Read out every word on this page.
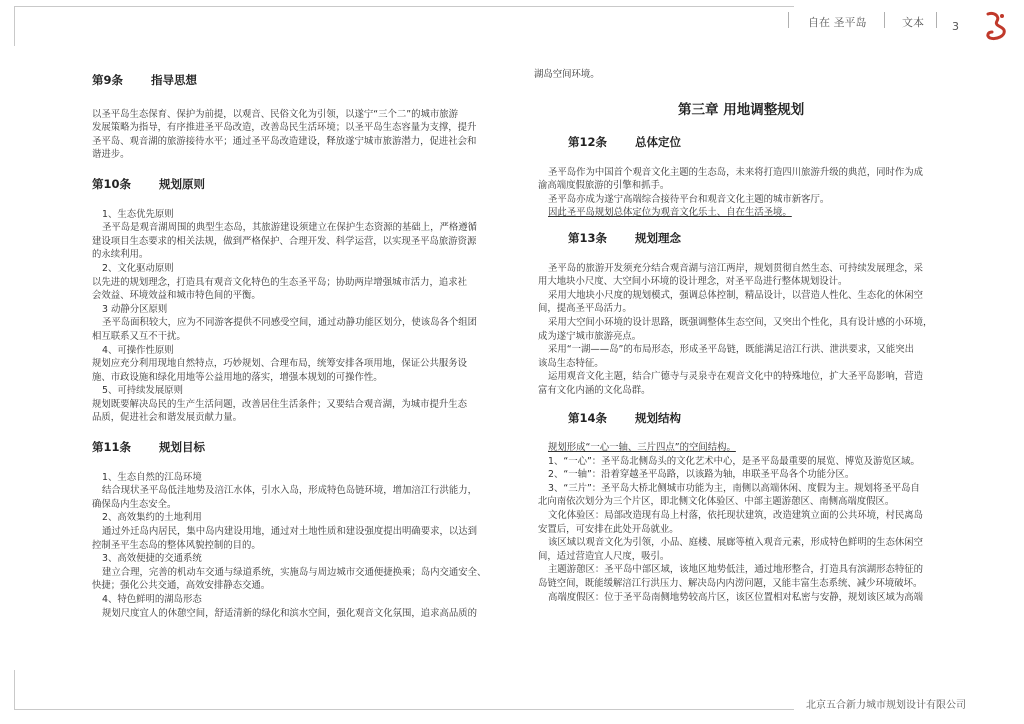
自在 圣平岛	文本	3
北京五合新力城市规划设计有限公司

第9条 指导思想

以圣平岛生态保育、保护为前提，以观音、民俗文化为引领，以遂宁“三个二”的城市旅游

发展策略为指导，有序推进圣平岛改造，改善岛民生活环境；以圣平岛生态容量为支撑，提升

圣平岛、观音湖的旅游接待水平；通过圣平岛改造建设，释放遂宁城市旅游潜力，促进社会和

谐进步。

第10条 规划原则

1、生态优先原则

圣平岛是观音湖周围的典型生态岛，其旅游建设须建立在保护生态资源的基础上，严格遵循

建设项目生态要求的相关法规，做到严格保护、合理开发、科学运营，以实现圣平岛旅游资源

的永续利用。

2、文化驱动原则

以先进的规划理念，打造具有观音文化特色的生态圣平岛；协助两岸增强城市活力，追求社

会效益、环境效益和城市特色间的平衡。

3 动静分区原则

圣平岛面积较大，应为不同游客提供不同感受空间，通过动静功能区划分，使该岛各个组团

相互联系又互不干扰。

4、可操作性原则

规划应充分利用现地自然特点，巧妙规划、合理布局，统筹安排各项用地，保证公共服务设

施、市政设施和绿化用地等公益用地的落实，增强本规划的可操作性。

5、可持续发展原则

规划既要解决岛民的生产生活问题，改善居住生活条件；又要结合观音湖，为城市提升生态

品质，促进社会和谐发展贡献力量。

第11条 规划目标

1、生态自然的江岛环境

结合现状圣平岛低洼地势及涪江水体，引水入岛，形成特色岛链环境，增加涪江行洪能力，

确保岛内生态安全。

2、高效集约的土地利用

通过外迁岛内居民，集中岛内建设用地，通过对土地性质和建设强度提出明确要求，以达到

控制圣平生态岛的整体风貌控制的目的。

3、高效便捷的交通系统

建立合理，完善的机动车交通与绿道系统，实施岛与周边城市交通便捷换乘；岛内交通安全、

快捷；强化公共交通，高效安排静态交通。

4、特色鲜明的湖岛形态

规划尺度宜人的休憩空间，舒适清新的绿化和滨水空间，强化观音文化氛围，追求高品质的

湖岛空间环境。

第三章 用地调整规划

第12条 总体定位

圣平岛作为中国首个观音文化主题的生态岛，未来将打造四川旅游升级的典范，同时作为成

渝高端度假旅游的引擎和抓手。

圣平岛亦成为遂宁高端综合接待平台和观音文化主题的城市新客厅。

因此圣平岛规划总体定位为观音文化乐土、自在生活圣境。

第13条 规划理念

圣平岛的旅游开发须充分结合观音湖与涪江两岸，规划贯彻自然生态、可持续发展理念，采

用大地块小尺度、大空间小环境的设计理念，对圣平岛进行整体规划设计。

采用大地块小尺度的规划模式，强调总体控制，精品设计，以营造人性化、生态化的休闲空

间，提高圣平岛活力。

采用大空间小环境的设计思路，既强调整体生态空间，又突出个性化，具有设计感的小环境，

成为遂宁城市旅游亮点。

采用“一湖——岛”的布局形态，形成圣平岛链，既能满足涪江行洪、泄洪要求，又能突出

该岛生态特征。

运用观音文化主题，结合广德寺与灵泉寺在观音文化中的特殊地位，扩大圣平岛影响，营造

富有文化内涵的文化岛群。

第14条 规划结构

规划形成“一心一轴、三片四点”的空间结构。

1、“一心”：圣平岛北侧岛头的文化艺术中心，是圣平岛最重要的展览、博览及游览区域。

2、“一轴”：沿着穿越圣平岛路，以该路为轴，串联圣平岛各个功能分区。

3、“三片”：圣平岛大桥北侧城市功能为主，南侧以高端休闲、度假为主。规划将圣平岛自

北向南依次划分为三个片区，即北侧文化体验区、中部主题游憩区、南侧高端度假区。

文化体验区：局部改造现有岛上村落，依托现状建筑，改造建筑立面的公共环境，村民离岛

安置后，可安排在此处开岛就业。

该区域以观音文化为引领，小品、庭楼、展廊等植入观音元素，形成特色鲜明的生态休闲空

间，适过营造宜人尺度，吸引。

主题游憩区：圣平岛中部区域，该地区地势低洼，通过地形整合，打造具有滨湖形态特征的

岛链空间，既能缓解涪江行洪压力、解决岛内内涝问题，又能丰富生态系统、减少环境破坏。

高端度假区：位于圣平岛南侧地势较高片区，该区位置相对私密与安静，规划该区域为高端
